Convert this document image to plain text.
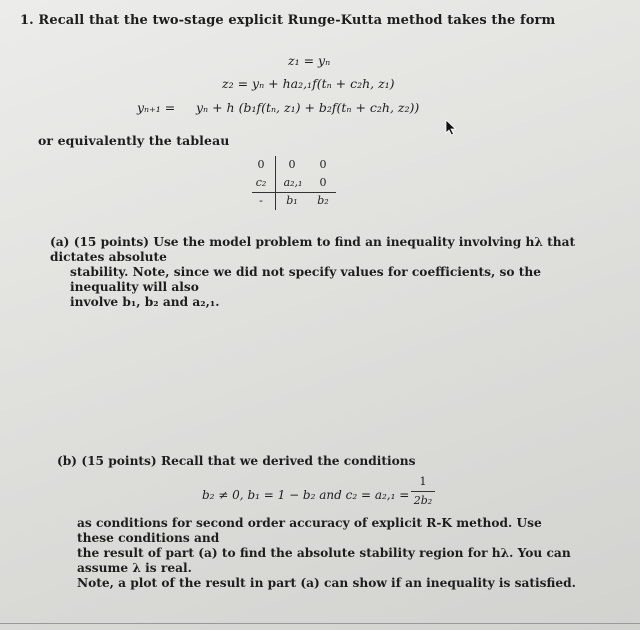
1. Recall that the two-stage explicit Runge-Kutta method takes the form
z₁ = yₙ
z₂ = yₙ + ha₂,₁f(tₙ + c₂h, z₁)
yₙ₊₁ = yₙ + h (b₁f(tₙ, z₁) + b₂f(tₙ + c₂h, z₂))
or equivalently the tableau
0	0	0
c₂	a₂,₁	0
-	b₁	b₂
(a) (15 points) Use the model problem to find an inequality involving hλ that dictates absolute
stability. Note, since we did not specify values for coefficients, so the inequality will also
involve b₁, b₂ and a₂,₁.
(b) (15 points) Recall that we derived the conditions
b₂ ≠ 0, b₁ = 1 − b₂ and c₂ = a₂,₁ =
1
2b₂
as conditions for second order accuracy of explicit R-K method. Use these conditions and
the result of part (a) to find the absolute stability region for hλ. You can assume λ is real.
Note, a plot of the result in part (a) can show if an inequality is satisfied.
